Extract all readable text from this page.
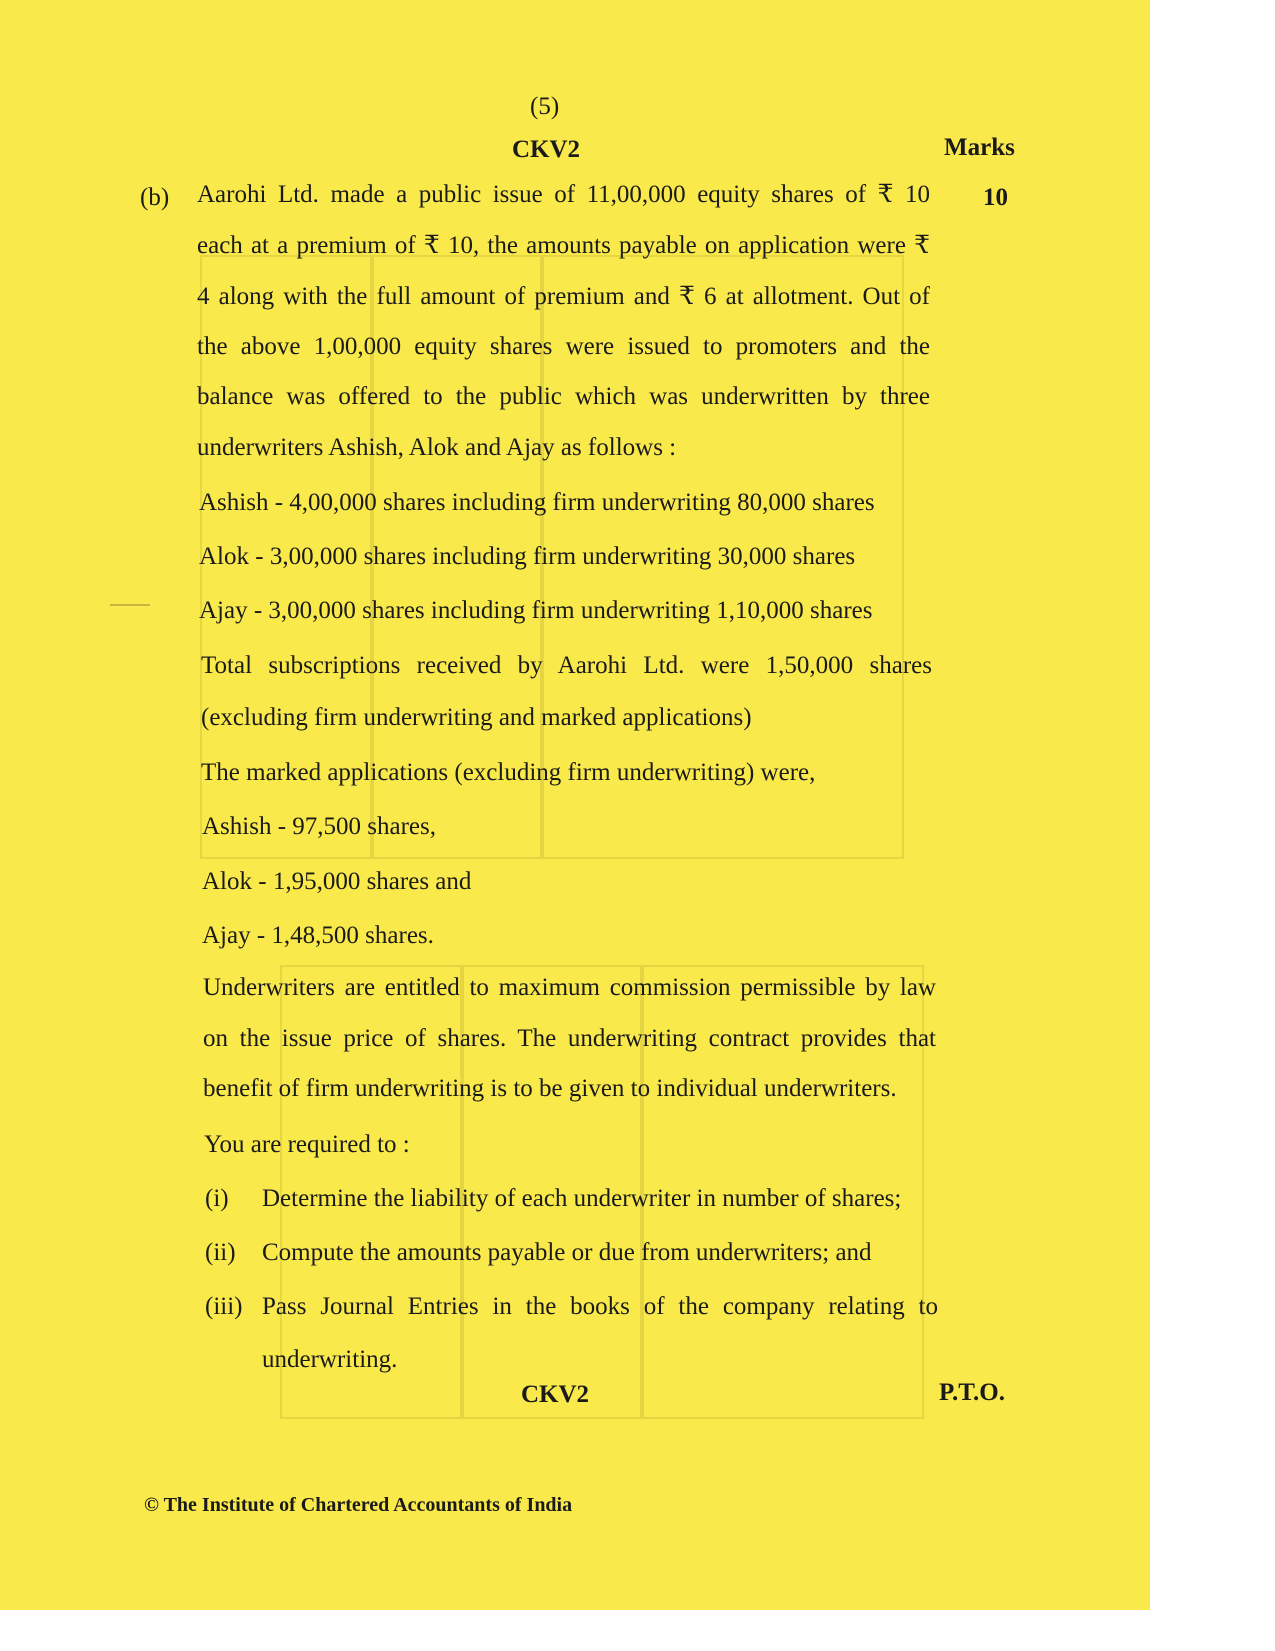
(5)
CKV2	Marks
(b)	10
Aarohi Ltd. made a public issue of 11,00,000 equity shares of ₹ 10
each at a premium of ₹ 10, the amounts payable on application were ₹
4 along with the full amount of premium and ₹ 6 at allotment. Out of
the above 1,00,000 equity shares were issued to promoters and the
balance was offered to the public which was underwritten by three
underwriters Ashish, Alok and Ajay as follows :
Ashish - 4,00,000 shares including firm underwriting 80,000 shares
Alok - 3,00,000 shares including firm underwriting 30,000 shares
Ajay - 3,00,000 shares including firm underwriting 1,10,000 shares
Total subscriptions received by Aarohi Ltd. were 1,50,000 shares
(excluding firm underwriting and marked applications)
The marked applications (excluding firm underwriting) were,
Ashish - 97,500 shares,
Alok - 1,95,000 shares and
Ajay - 1,48,500 shares.
Underwriters are entitled to maximum commission permissible by law
on the issue price of shares. The underwriting contract provides that
benefit of firm underwriting is to be given to individual underwriters.
You are required to :
(i) Determine the liability of each underwriter in number of shares;
(ii) Compute the amounts payable or due from underwriters; and
(iii) Pass Journal Entries in the books of the company relating to
underwriting.
CKV2	P.T.O.
© The Institute of Chartered Accountants of India
